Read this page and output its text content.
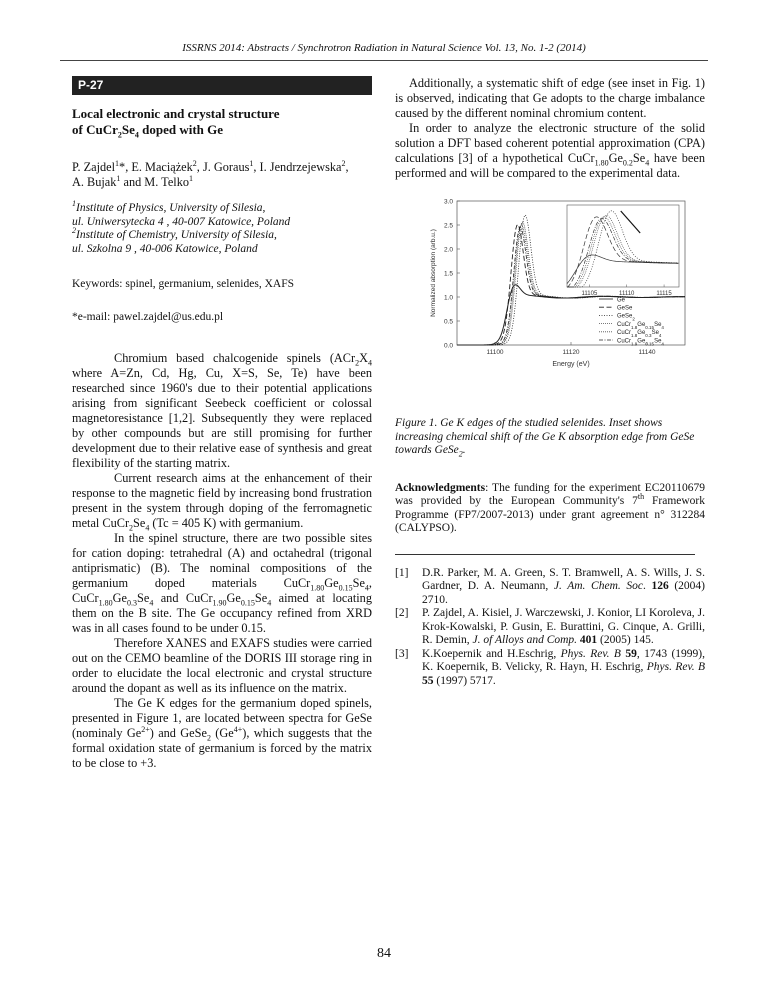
ISSRNS 2014: Abstracts / Synchrotron Radiation in Natural Science Vol. 13, No. 1-2 (2014)
P-27
Local electronic and crystal structure
of $CuCr_2Se_4$ doped with Ge
P. Zajdel$^1$*, E. Maciążek$^2$, J. Goraus$^1$, I. Jendrzejewska$^2$,
A. Bujak$^1$ and M. Telko$^1$
$^1$Institute of Physics, University of Silesia,
ul. Uniwersytecka 4 , 40-007 Katowice, Poland
$^2$Institute of Chemistry, University of Silesia,
ul. Szkolna 9 , 40-006 Katowice, Poland
Keywords: spinel, germanium, selenides, XAFS
*e-mail: pawel.zajdel@us.edu.pl

Chromium based chalcogenide spinels ($ACr_2X_4$ where A=Zn, Cd, Hg, Cu, X=S, Se, Te) have been researched since 1960's due to their potential applications arising from significant Seebeck coefficient or colossal magnetoresistance [1,2]. Subsequently they were replaced by other compounds but are still promising for further development due to their relative ease of synthesis and great flexibility of the starting matrix.

Current research aims at the enhancement of their response to the magnetic field by increasing bond frustration present in the system through doping of the ferromagnetic metal $CuCr_2Se_4$ (Tc = 405 K) with germanium.

In the spinel structure, there are two possible sites for cation doping: tetrahedral (A) and octahedral (trigonal antiprismatic) (B). The nominal compositions of the germanium doped materials $CuCr_{1.80}Ge_{0.15}Se_4$, $CuCr_{1.80}Ge_{0.3}Se_4$ and $CuCr_{1.90}Ge_{0.15}Se_4$ aimed at locating them on the B site. The Ge occupancy refined from XRD was in all cases found to be under 0.15.

Therefore XANES and EXAFS studies were carried out on the CEMO beamline of the DORIS III storage ring in order to elucidate the local electronic and crystal structure around the dopant as well as its influence on the matrix.

The Ge K edges for the germanium doped spinels, presented in Figure 1, are located between spectra for GeSe (nominaly $Ge^{2+}$) and GeSe$_2$ $(Ge^{4+})$, which suggests that the formal oxidation state of germanium is forced by the matrix to be close to +3.

Additionally, a systematic shift of edge (see inset in Fig. 1) is observed, indicating that Ge adopts to the charge imbalance caused by the different nominal chromium content.

In order to analyze the electronic structure of the solid solution a DFT based coherent potential approximation (CPA) calculations [3] of a hypothetical $CuCr_{1.80}Ge_{0.2}Se_4$ have been performed and will be compared to the experimental data.

0.0
0.5
1.0
1.5
2.0
2.5
3.0
11100	11120	11140
Energy (eV)
Normalized absorption (arb.u.)	11105	11110	11115
Ge
GeSe
GeSe$_2$
$CuCr_{1.8}Ge_{0.15}Se_4$
$CuCr_{1.8}Ge_{0.3}Se_4$
$CuCr_{1.9}Ge_{0.15}Se_4$
Figure 1. Ge K edges of the studied selenides. Inset shows increasing chemical shift of the Ge K absorption edge from GeSe towards GeSe$_2$.
Acknowledgments: The funding for the experiment EC20110679 was provided by the European Community's 7th Framework Programme (FP7/2007-2013) under grant agreement n° 312284 (CALYPSO).
[1]	D.R. Parker, M. A. Green, S. T. Bramwell, A. S. Wills, J. S. Gardner, D. A. Neumann, J. Am. Chem. Soc. 126 (2004) 2710.
[2]	P. Zajdel, A. Kisiel, J. Warczewski, J. Konior, LI Koroleva, J. Krok-Kowalski, P. Gusin, E. Burattini, G. Cinque, A. Grilli, R. Demin, J. of Alloys and Comp. 401 (2005) 145.
[3]	K.Koepernik and H.Eschrig, Phys. Rev. B 59, 1743 (1999), K. Koepernik, B. Velicky, R. Hayn, H. Eschrig, Phys. Rev. B 55 (1997) 5717.
84
